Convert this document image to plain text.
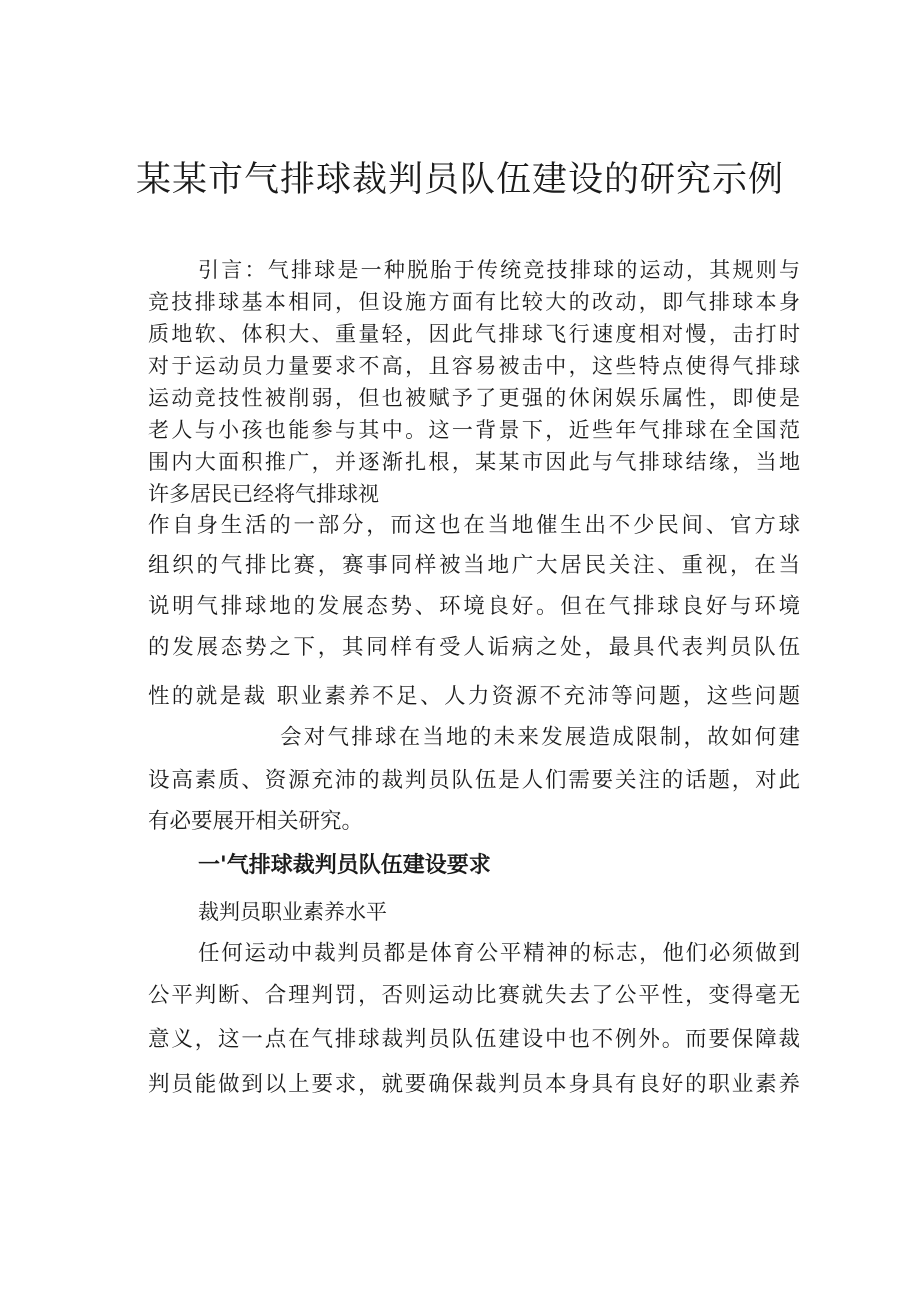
某某市气排球裁判员队伍建设的研究示例
引言：气排球是一种脱胎于传统竞技排球的运动，其规则与
竞技排球基本相同，但设施方面有比较大的改动，即气排球本身
质地软、体积大、重量轻，因此气排球飞行速度相对慢，击打时
对于运动员力量要求不高，且容易被击中，这些特点使得气排球
运动竞技性被削弱，但也被赋予了更强的休闲娱乐属性，即使是
老人与小孩也能参与其中。这一背景下，近些年气排球在全国范
围内大面积推广，并逐渐扎根，某某市因此与气排球结缘，当地
许多居民已经将气排球视
作自身生活的一部分，而这也在当地催生出不少民间、官方球
组织的气排比赛，赛事同样被当地广大居民关注、重视，在当
说明气排球地的发展态势、环境良好。但在气排球良好与环境
的发展态势之下，其同样有受人诟病之处，最具代表判员队伍
性的就是裁 职业素养不足、人力资源不充沛等问题，这些问题
会对气排球在当地的未来发展造成限制，故如何建
设高素质、资源充沛的裁判员队伍是人们需要关注的话题，对此
有必要展开相关研究。
一'气排球裁判员队伍建设要求
裁判员职业素养水平
任何运动中裁判员都是体育公平精神的标志，他们必须做到
公平判断、合理判罚，否则运动比赛就失去了公平性，变得毫无
意义，这一点在气排球裁判员队伍建设中也不例外。而要保障裁
判员能做到以上要求，就要确保裁判员本身具有良好的职业素养
